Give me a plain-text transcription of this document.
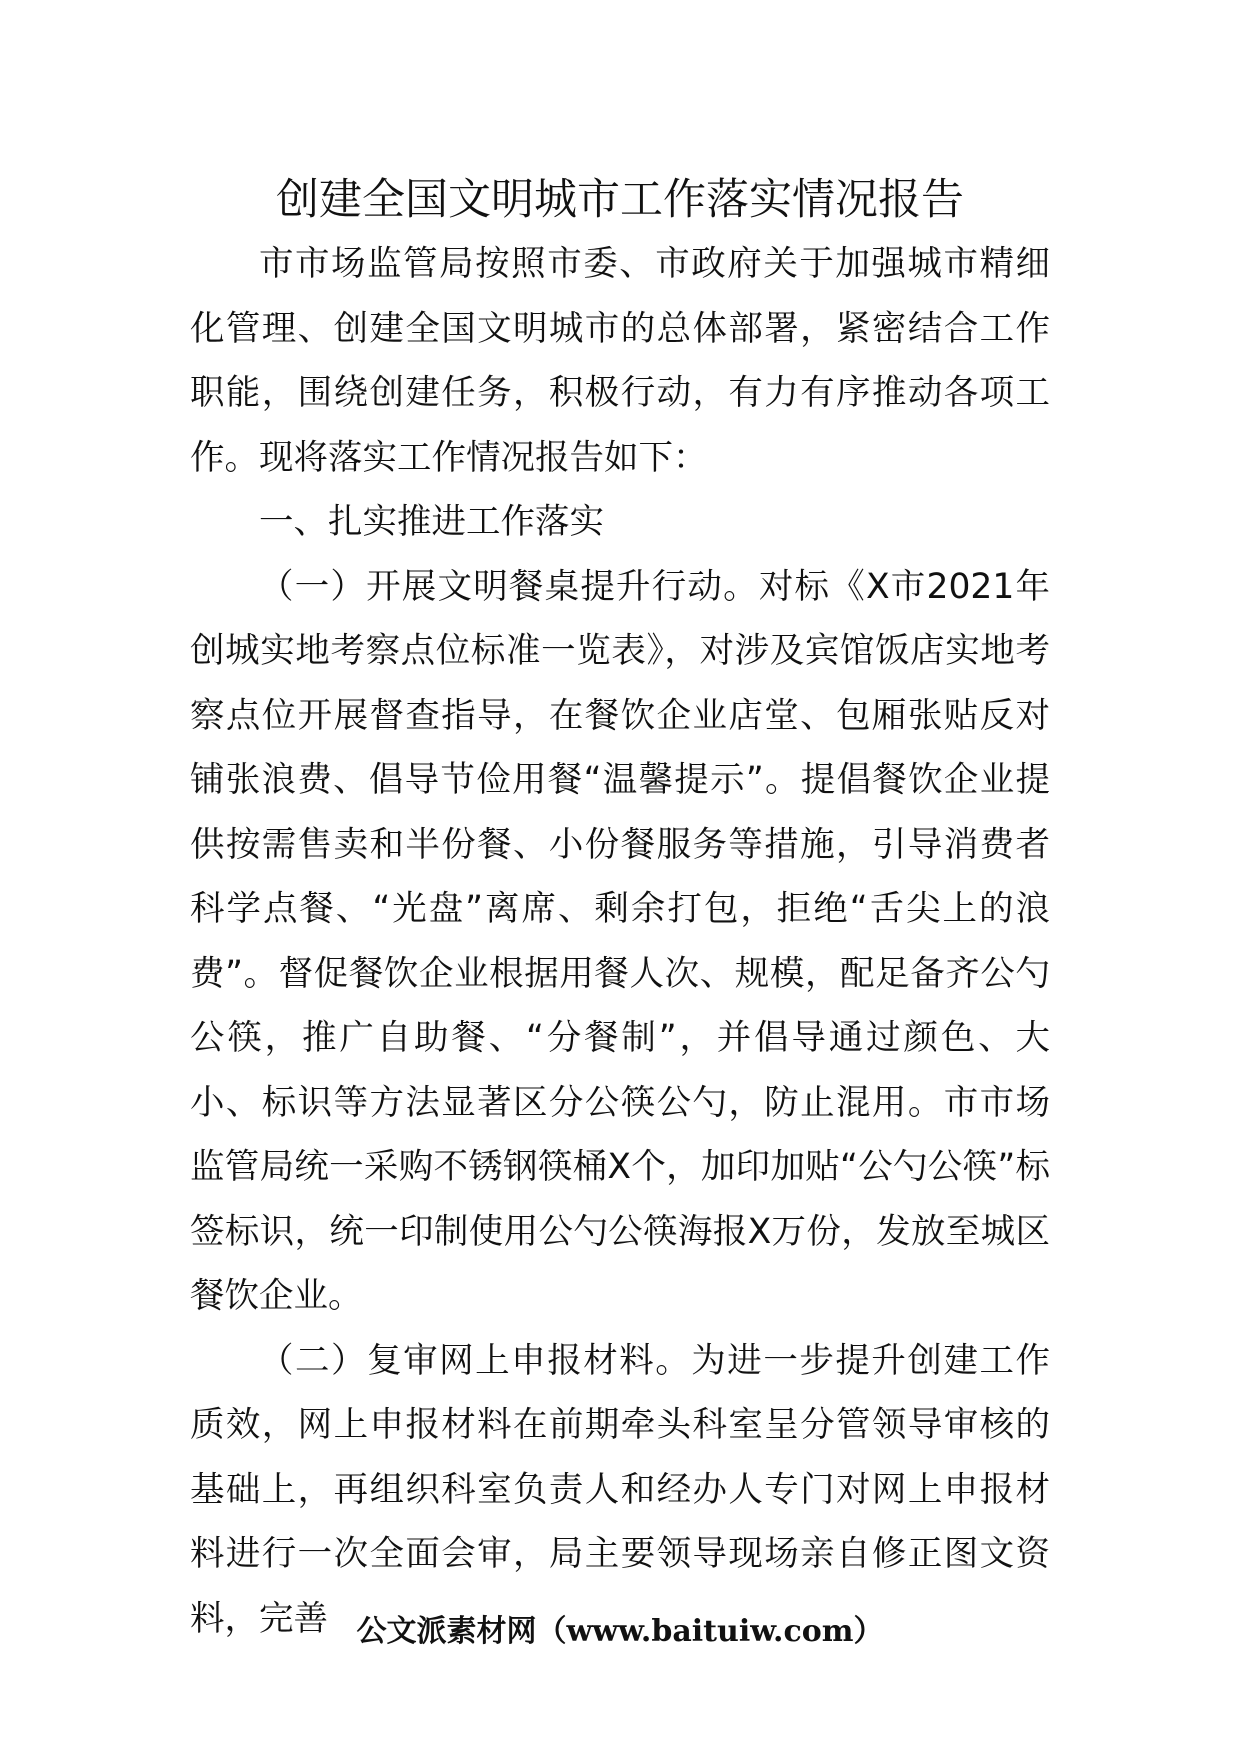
创建全国文明城市工作落实情况报告

市市场监管局按照市委、市政府关于加强城市精细化管理、创建全国文明城市的总体部署，紧密结合工作职能，围绕创建任务，积极行动，有力有序推动各项工作。现将落实工作情况报告如下：

一、扎实推进工作落实

（一）开展文明餐桌提升行动。对标《X市2021年创城实地考察点位标准一览表》，对涉及宾馆饭店实地考察点位开展督查指导，在餐饮企业店堂、包厢张贴反对铺张浪费、倡导节俭用餐“温馨提示”。提倡餐饮企业提供按需售卖和半份餐、小份餐服务等措施，引导消费者科学点餐、“光盘”离席、剩余打包，拒绝“舌尖上的浪费”。督促餐饮企业根据用餐人次、规模，配足备齐公勺公筷，推广自助餐、“分餐制”，并倡导通过颜色、大小、标识等方法显著区分公筷公勺，防止混用。市市场监管局统一采购不锈钢筷桶X个，加印加贴“公勺公筷”标签标识，统一印制使用公勺公筷海报X万份，发放至城区餐饮企业。

（二）复审网上申报材料。为进一步提升创建工作质效，网上申报材料在前期牵头科室呈分管领导审核的基础上，再组织科室负责人和经办人专门对网上申报材料进行一次全面会审，局主要领导现场亲自修正图文资料，完善 公文派素材网（www.baituiw.com）
